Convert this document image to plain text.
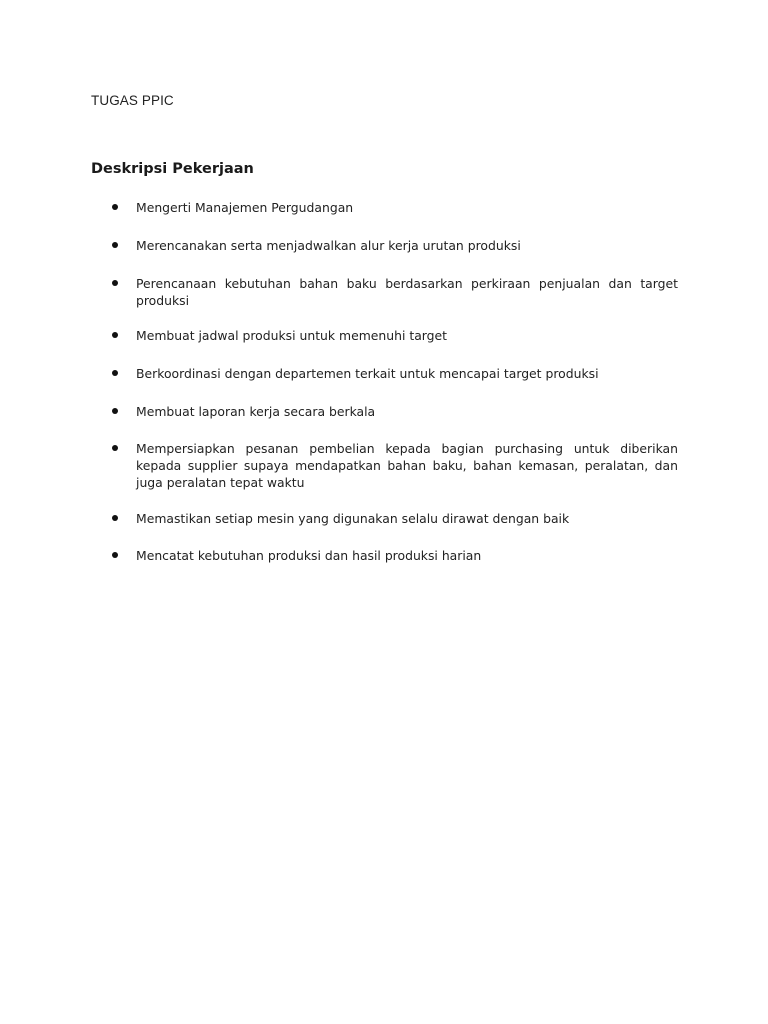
TUGAS PPIC
Deskripsi Pekerjaan
Mengerti Manajemen Pergudangan
Merencanakan serta menjadwalkan alur kerja urutan produksi
Perencanaan kebutuhan bahan baku berdasarkan perkiraan penjualan dan target produksi
Membuat jadwal produksi untuk memenuhi target
Berkoordinasi dengan departemen terkait untuk mencapai target produksi
Membuat laporan kerja secara berkala
Mempersiapkan pesanan pembelian kepada bagian purchasing untuk diberikan kepada supplier supaya mendapatkan bahan baku, bahan kemasan, peralatan, dan juga peralatan tepat waktu
Memastikan setiap mesin yang digunakan selalu dirawat dengan baik
Mencatat kebutuhan produksi dan hasil produksi harian
